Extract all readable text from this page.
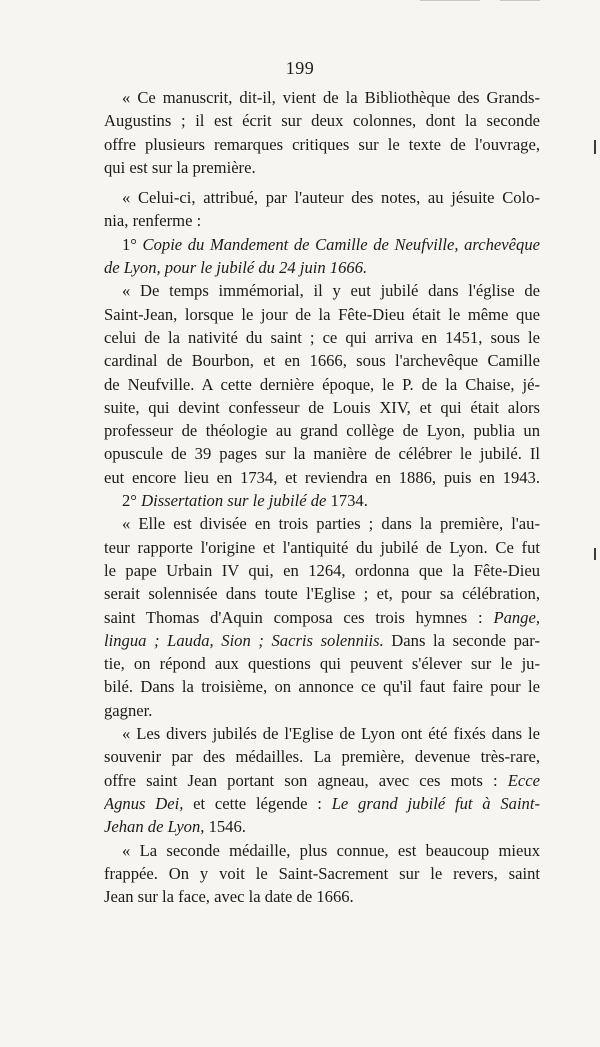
199
« Ce manuscrit, dit-il, vient de la Bibliothèque des Grands-
Augustins ; il est écrit sur deux colonnes, dont la seconde
offre plusieurs remarques critiques sur le texte de l'ouvrage,
qui est sur la première.
« Celui-ci, attribué, par l'auteur des notes, au jésuite Colo-
nia, renferme :
1° Copie du Mandement de Camille de Neufville, archevêque
de Lyon, pour le jubilé du 24 juin 1666.
« De temps immémorial, il y eut jubilé dans l'église de
Saint-Jean, lorsque le jour de la Fête-Dieu était le même que
celui de la nativité du saint ; ce qui arriva en 1451, sous le
cardinal de Bourbon, et en 1666, sous l'archevêque Camille
de Neufville. A cette dernière époque, le P. de la Chaise, jé-
suite, qui devint confesseur de Louis XIV, et qui était alors
professeur de théologie au grand collège de Lyon, publia un
opuscule de 39 pages sur la manière de célébrer le jubilé. Il
eut encore lieu en 1734, et reviendra en 1886, puis en 1943.
2° Dissertation sur le jubilé de 1734.
« Elle est divisée en trois parties ; dans la première, l'au-
teur rapporte l'origine et l'antiquité du jubilé de Lyon. Ce fut
le pape Urbain IV qui, en 1264, ordonna que la Fête-Dieu
serait solennisée dans toute l'Eglise ; et, pour sa célébration,
saint Thomas d'Aquin composa ces trois hymnes : Pange,
lingua ; Lauda, Sion ; Sacris solenniis. Dans la seconde par-
tie, on répond aux questions qui peuvent s'élever sur le ju-
bilé. Dans la troisième, on annonce ce qu'il faut faire pour le
gagner.
« Les divers jubilés de l'Eglise de Lyon ont été fixés dans le
souvenir par des médailles. La première, devenue très-rare,
offre saint Jean portant son agneau, avec ces mots : Ecce
Agnus Dei, et cette légende : Le grand jubilé fut à Saint-
Jehan de Lyon, 1546.
« La seconde médaille, plus connue, est beaucoup mieux
frappée. On y voit le Saint-Sacrement sur le revers, saint
Jean sur la face, avec la date de 1666.
